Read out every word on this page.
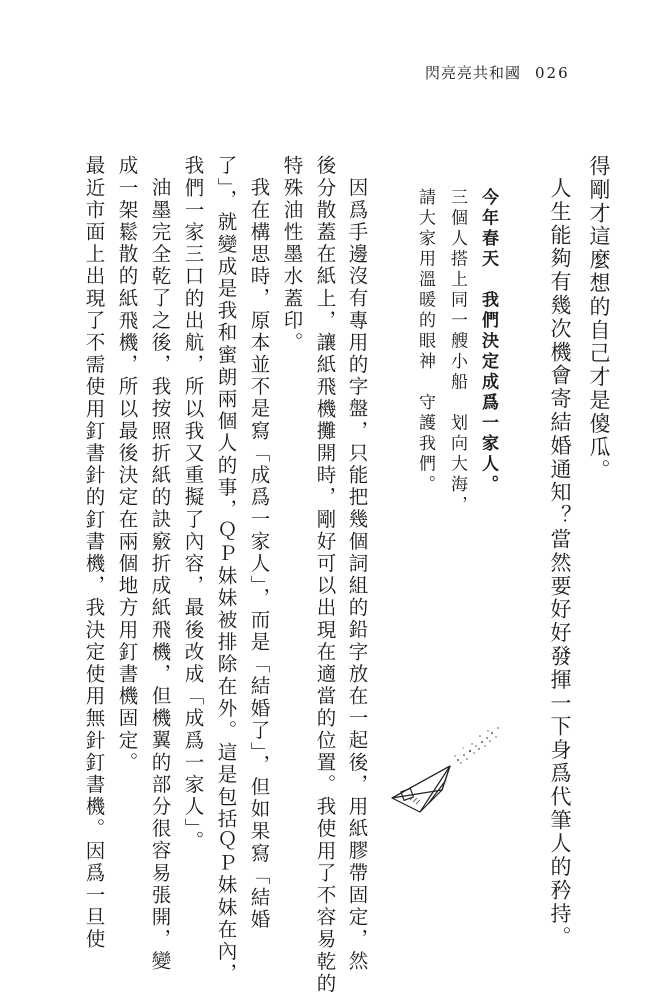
閃亮亮共和國 026
得剛才這麼想的自己才是傻瓜。
人生能夠有幾次機會寄結婚通知？當然要好好發揮一下身爲代筆人的矜持。
今年春天　我們決定成爲一家人。
三個人搭上同一艘小船　划向大海，
請大家用溫暖的眼神　守護我們。
因爲手邊沒有專用的字盤，只能把幾個詞組的鉛字放在一起後，用紙膠帶固定，然
後分散蓋在紙上，讓紙飛機攤開時，剛好可以出現在適當的位置。我使用了不容易乾的
特殊油性墨水蓋印。
我在構思時，原本並不是寫「成爲一家人」，而是「結婚了」，但如果寫「結婚
了」，就變成是我和蜜朗兩個人的事，ＱＰ妹妹被排除在外。這是包括ＱＰ妹妹在內，
我們一家三口的出航，所以我又重擬了內容，最後改成「成爲一家人」。
油墨完全乾了之後，我按照折紙的訣竅折成紙飛機，但機翼的部分很容易張開，變
成一架鬆散的紙飛機，所以最後決定在兩個地方用釘書機固定。
最近市面上出現了不需使用釘書針的釘書機，我決定使用無針釘書機。因爲一旦使
